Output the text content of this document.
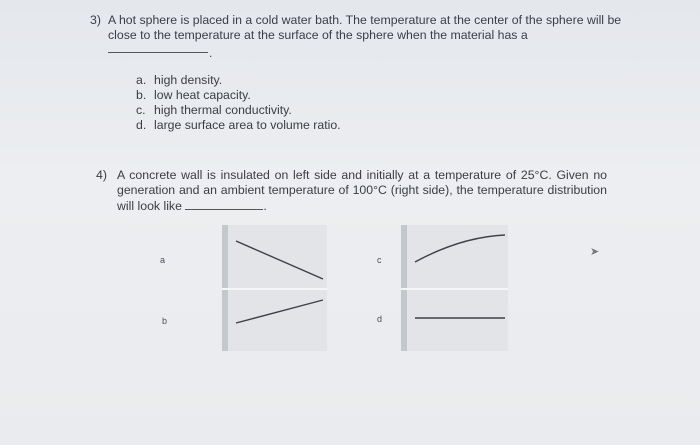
3) A hot sphere is placed in a cold water bath. The temperature at the center of the sphere will be close to the temperature at the surface of the sphere when the material has a
.
a. high density.
b. low heat capacity.
c. high thermal conductivity.
d. large surface area to volume ratio.
4) A concrete wall is insulated on left side and initially at a temperature of 25°C. Given no generation and an ambient temperature of 100°C (right side), the temperature distribution will look like	.
a
b
c
d
➤
